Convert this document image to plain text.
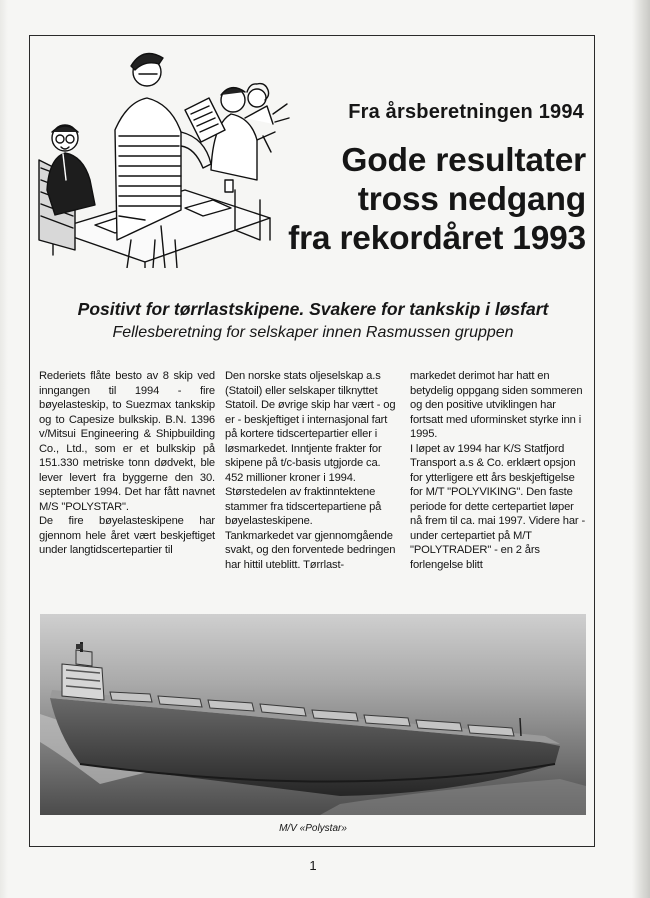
Fra årsberetningen 1994
Gode resultater
tross nedgang
fra rekordåret 1993
Positivt for tørrlastskipene. Svakere for tankskip i løsfart
Fellesberetning for selskaper innen Rasmussen gruppen

Rederiets flåte besto av 8 skip ved inngangen til 1994 - fire bøyelasteskip, to Suezmax tankskip og to Capesize bulkskip. B.N. 1396 v/Mitsui Engineering & Shipbuilding Co., Ltd., som er et bulkskip på 151.330 metriske tonn dødvekt, ble lever levert fra byggerne den 30. september 1994. Det har fått navnet M/S "POLYSTAR".

De fire bøyelasteskipene har gjennom hele året vært beskjeftiget under langtidscertepartier til

Den norske stats oljeselskap a.s (Statoil) eller selskaper tilknyttet Statoil. De øvrige skip har vært - og er - beskjeftiget i internasjonal fart på kortere tidscertepartier eller i løsmarkedet. Inntjente frakter for skipene på t/c-basis utgjorde ca. 452 millioner kroner i 1994. Størstedelen av fraktinntektene stammer fra tidscertepartiene på bøyelasteskipene.

Tankmarkedet var gjennomgående svakt, og den forventede bedringen har hittil uteblitt. Tørrlast-

markedet derimot har hatt en betydelig oppgang siden sommeren og den positive utviklingen har fortsatt med uforminsket styrke inn i 1995.

I løpet av 1994 har K/S Statfjord Transport a.s & Co. erklært opsjon for ytterligere ett års beskjeftigelse for M/T "POLYVIKING". Den faste periode for dette certepartiet løper nå frem til ca. mai 1997. Videre har - under certepartiet på M/T "POLYTRADER" - en 2 års forlengelse blitt

M/V «Polystar»
1
